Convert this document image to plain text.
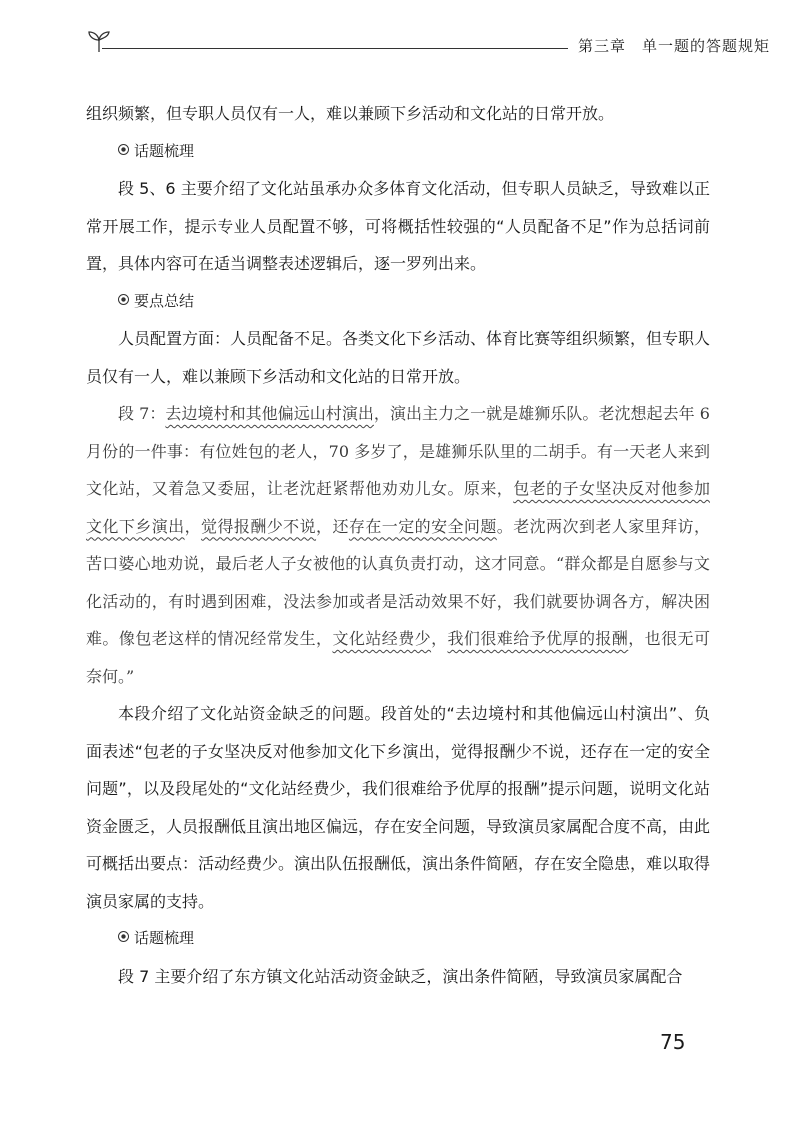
第三章　单一题的答题规矩

组织频繁，但专职人员仅有一人，难以兼顾下乡活动和文化站的日常开放。

话题梳理

段 5、6 主要介绍了文化站虽承办众多体育文化活动，但专职人员缺乏，导致难以正常开展工作，提示专业人员配置不够，可将概括性较强的“人员配备不足”作为总括词前置，具体内容可在适当调整表述逻辑后，逐一罗列出来。

要点总结

人员配置方面：人员配备不足。各类文化下乡活动、体育比赛等组织频繁，但专职人员仅有一人，难以兼顾下乡活动和文化站的日常开放。

段 7：去边境村和其他偏远山村演出，演出主力之一就是雄狮乐队。老沈想起去年 6 月份的一件事：有位姓包的老人，70 多岁了，是雄狮乐队里的二胡手。有一天老人来到文化站，又着急又委屈，让老沈赶紧帮他劝劝儿女。原来，包老的子女坚决反对他参加文化下乡演出，觉得报酬少不说，还存在一定的安全问题。老沈两次到老人家里拜访，苦口婆心地劝说，最后老人子女被他的认真负责打动，这才同意。“群众都是自愿参与文化活动的，有时遇到困难，没法参加或者是活动效果不好，我们就要协调各方，解决困难。像包老这样的情况经常发生，文化站经费少，我们很难给予优厚的报酬，也很无可奈何。”

本段介绍了文化站资金缺乏的问题。段首处的“去边境村和其他偏远山村演出”、负面表述“包老的子女坚决反对他参加文化下乡演出，觉得报酬少不说，还存在一定的安全问题”，以及段尾处的“文化站经费少，我们很难给予优厚的报酬”提示问题，说明文化站资金匮乏，人员报酬低且演出地区偏远，存在安全问题，导致演员家属配合度不高，由此可概括出要点：活动经费少。演出队伍报酬低，演出条件简陋，存在安全隐患，难以取得演员家属的支持。

话题梳理

段 7 主要介绍了东方镇文化站活动资金缺乏，演出条件简陋，导致演员家属配合

75
